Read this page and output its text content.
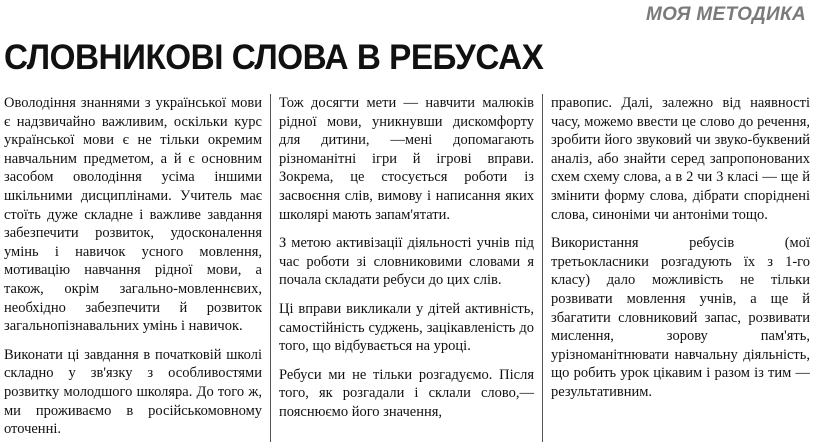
МОЯ МЕТОДИКА
СЛОВНИКОВІ СЛОВА В РЕБУСАХ

Оволодіння знаннями з української мови є надзвичайно важливим, оскільки курс української мови є не тільки окремим навчальним предметом, а й є основним засобом оволодіння усіма іншими шкільними дисциплінами. Учитель має стоїть дуже складне і важливе завдання забезпечити розвиток, удосконалення умінь і навичок усного мовлення, мотивацію навчання рідної мови, а також, окрім загально-мовленнєвих, необхідно забезпечити й розвиток загальнопізнавальних умінь і навичок.

Виконати ці завдання в початковій школі складно у зв'язку з особливостями розвитку молодшого школяра. До того ж, ми проживаємо в російськомовному оточенні.

Тож досягти мети — навчити малюків рідної мови, уникнувши дискомфорту для дитини, —мені допомагають різноманітні ігри й ігрові вправи. Зокрема, це стосується роботи із засвоєння слів, вимову і написання яких школярі мають запам'ятати.

З метою активізації діяльності учнів під час роботи зі словниковими словами я почала складати ребуси до цих слів.

Ці вправи викликали у дітей активність, самостійність суджень, зацікавленість до того, що відбувається на уроці.

Ребуси ми не тільки розгадуємо. Після того, як розгадали і склали слово,— пояснюємо його значення,

правопис. Далі, залежно від наявності часу, можемо ввести це слово до речення, зробити його звуковий чи звуко-буквений аналіз, або знайти серед запропонованих схем схему слова, а в 2 чи 3 класі — ще й змінити форму слова, дібрати споріднені слова, синоніми чи антоніми тощо.

Використання ребусів (мої третьокласники розгадують їх з 1-го класу) дало можливість не тільки розвивати мовлення учнів, а ще й збагатити словниковий запас, розвивати мислення, зорову пам'ять, урізноманітнювати навчальну діяльність, що робить урок цікавим і разом із тим — результативним.
